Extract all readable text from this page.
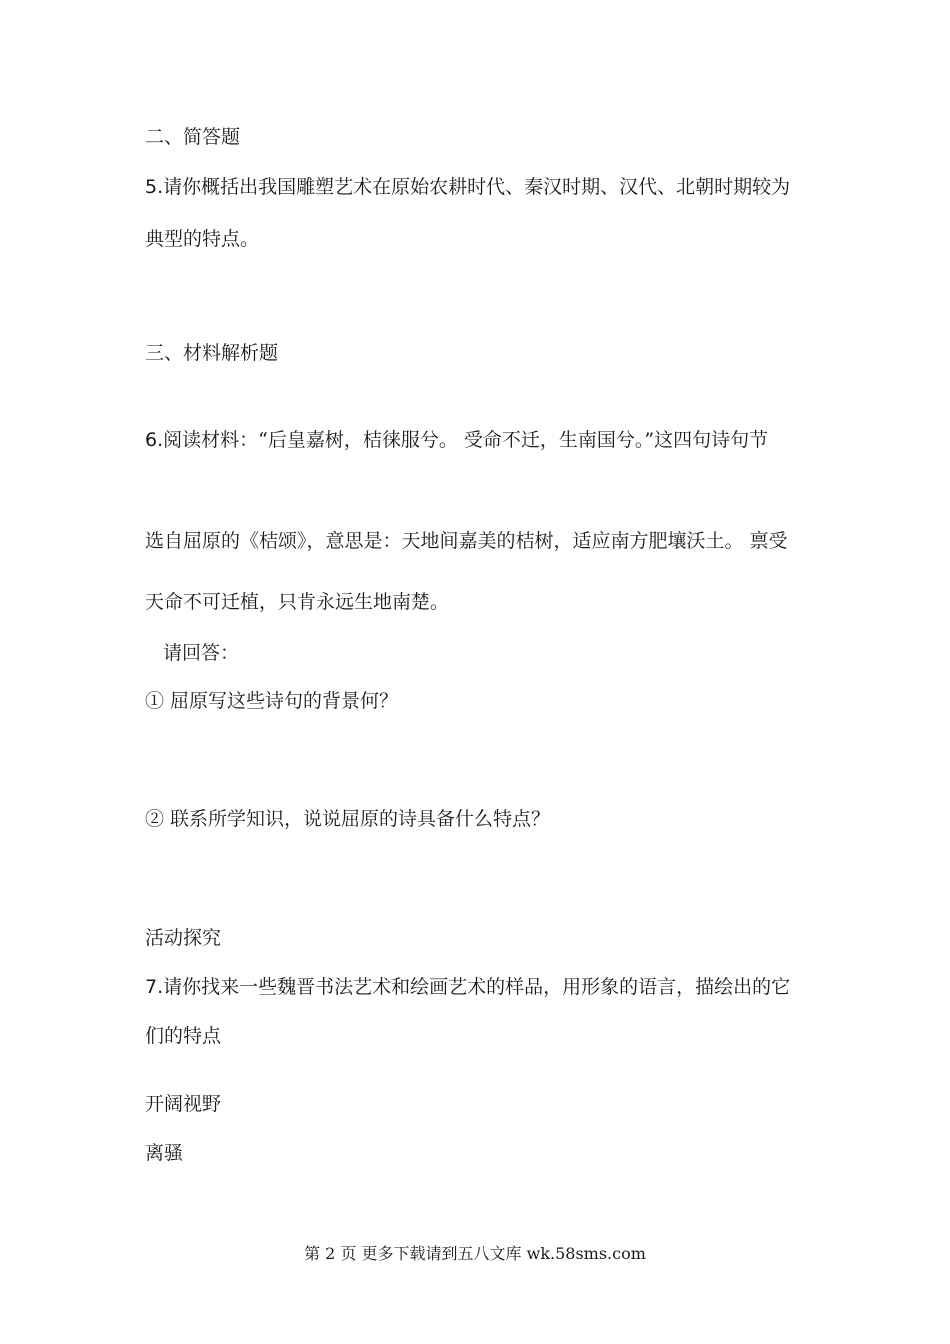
二、简答题
5.请你概括出我国雕塑艺术在原始农耕时代、秦汉时期、汉代、北朝时期较为
典型的特点。
三、材料解析题
6.阅读材料：“后皇嘉树，桔徕服兮。 受命不迁，生南国兮。”这四句诗句节
选自屈原的《桔颂》，意思是：天地间嘉美的桔树，适应南方肥壤沃土。 禀受
天命不可迁植，只肯永远生地南楚。
请回答：
① 屈原写这些诗句的背景何？
② 联系所学知识，说说屈原的诗具备什么特点？
活动探究
7.请你找来一些魏晋书法艺术和绘画艺术的样品，用形象的语言，描绘出的它
们的特点
开阔视野
离骚
第 2 页 更多下载请到五八文库 wk.58sms.com
